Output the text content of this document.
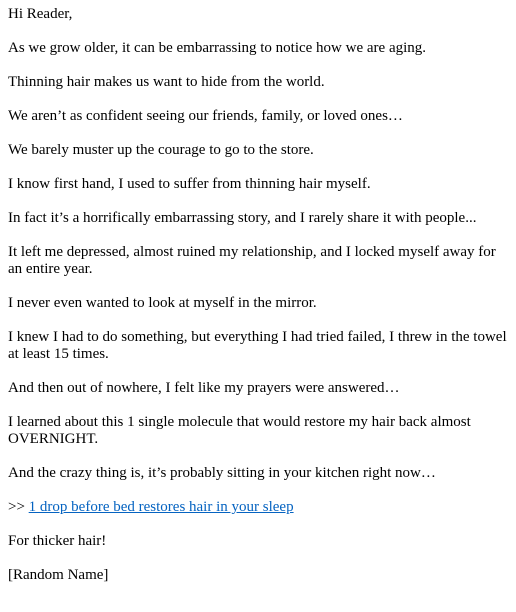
Hi Reader,

As we grow older, it can be embarrassing to notice how we are aging.

Thinning hair makes us want to hide from the world.

We aren’t as confident seeing our friends, family, or loved ones…

We barely muster up the courage to go to the store.

I know first hand, I used to suffer from thinning hair myself.

In fact it’s a horrifically embarrassing story, and I rarely share it with people...

It left me depressed, almost ruined my relationship, and I locked myself away for an entire year.

I never even wanted to look at myself in the mirror.

I knew I had to do something, but everything I had tried failed, I threw in the towel at least 15 times.

And then out of nowhere, I felt like my prayers were answered…

I learned about this 1 single molecule that would restore my hair back almost OVERNIGHT.

And the crazy thing is, it’s probably sitting in your kitchen right now…

>> 1 drop before bed restores hair in your sleep

For thicker hair!

[Random Name]
